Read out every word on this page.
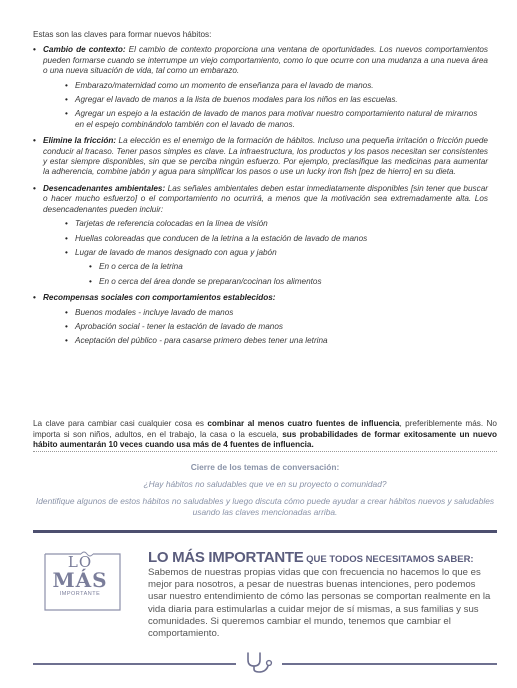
Estas son las claves para formar nuevos hábitos:

• Cambio de contexto: El cambio de contexto proporciona una ventana de oportunidades. Los nuevos comportamientos pueden formarse cuando se interrumpe un viejo comportamiento, como lo que ocurre con una mudanza a una nueva área o una nueva situación de vida, tal como un embarazo.
• Embarazo/maternidad como un momento de enseñanza para el lavado de manos.
• Agregar el lavado de manos a la lista de buenos modales para los niños en las escuelas.
• Agregar un espejo a la estación de lavado de manos para motivar nuestro comportamiento natural de mirarnos en el espejo combinándolo también con el lavado de manos.
• Elimine la fricción: La elección es el enemigo de la formación de hábitos. Incluso una pequeña irritación o fricción puede conducir al fracaso. Tener pasos simples es clave. La infraestructura, los productos y los pasos necesitan ser consistentes y estar siempre disponibles, sin que se perciba ningún esfuerzo. Por ejemplo, preclasifique las medicinas para aumentar la adherencia, combine jabón y agua para simplificar los pasos o use un lucky iron fish [pez de hierro] en su dieta.
• Desencadenantes ambientales: Las señales ambientales deben estar inmediatamente disponibles [sin tener que buscar o hacer mucho esfuerzo] o el comportamiento no ocurrirá, a menos que la motivación sea extremadamente alta. Los desencadenantes pueden incluir:
• Tarjetas de referencia colocadas en la línea de visión
• Huellas coloreadas que conducen de la letrina a la estación de lavado de manos
• Lugar de lavado de manos designado con agua y jabón
• En o cerca de la letrina
• En o cerca del área donde se preparan/cocinan los alimentos
• Recompensas sociales con comportamientos establecidos:
• Buenos modales - incluye lavado de manos
• Aprobación social - tener la estación de lavado de manos
• Aceptación del público - para casarse primero debes tener una letrina
La clave para cambiar casi cualquier cosa es combinar al menos cuatro fuentes de influencia, preferiblemente más. No importa si son niños, adultos, en el trabajo, la casa o la escuela, sus probabilidades de formar exitosamente un nuevo hábito aumentarán 10 veces cuando usa más de 4 fuentes de influencia.
Cierre de los temas de conversación:

¿Hay hábitos no saludables que ve en su proyecto o comunidad?

Identifique algunos de estos hábitos no saludables y luego discuta cómo puede ayudar a crear hábitos nuevos y saludables usando las claves mencionadas arriba.

LO
MÁS
IMPORTANTE
LO MÁS IMPORTANTE QUE TODOS NECESITAMOS SABER:
Sabemos de nuestras propias vidas que con frecuencia no hacemos lo que es mejor para nosotros, a pesar de nuestras buenas intenciones, pero podemos usar nuestro entendimiento de cómo las personas se comportan realmente en la vida diaria para estimularlas a cuidar mejor de sí mismas, a sus familias y sus comunidades. Si queremos cambiar el mundo, tenemos que cambiar el comportamiento.
